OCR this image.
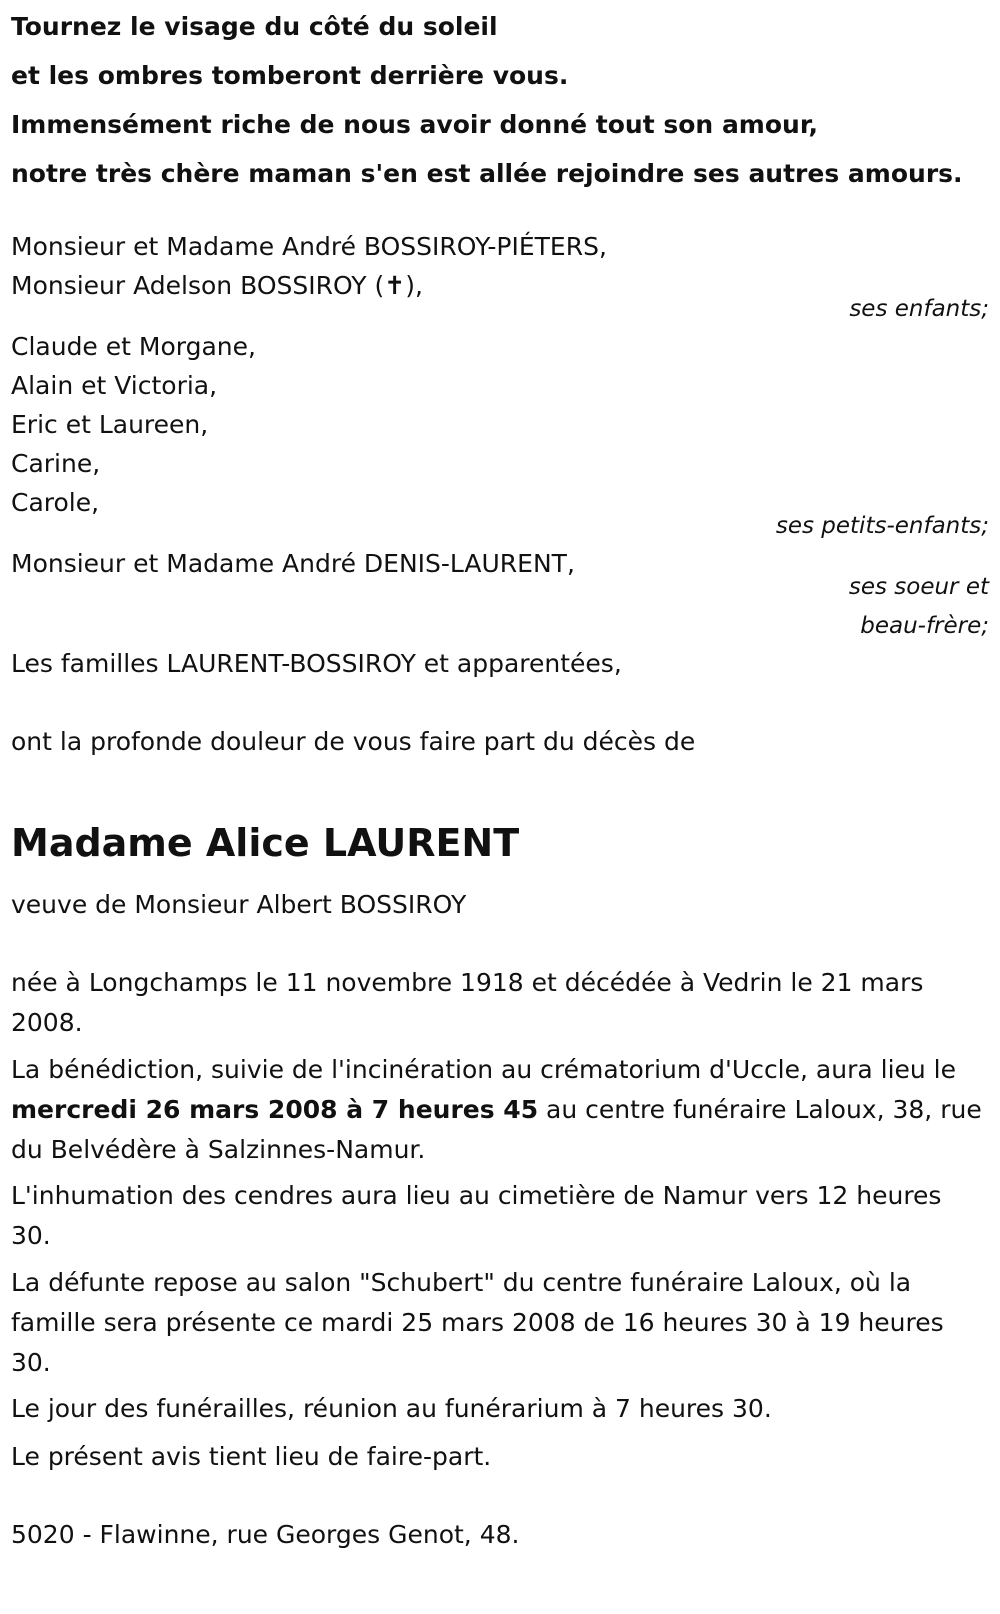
Tournez le visage du côté du soleil
et les ombres tomberont derrière vous.
Immensément riche de nous avoir donné tout son amour,
notre très chère maman s'en est allée rejoindre ses autres amours.
Monsieur et Madame André BOSSIROY-PIÉTERS,
Monsieur Adelson BOSSIROY (✝),
ses enfants;
Claude et Morgane,
Alain et Victoria,
Eric et Laureen,
Carine,
Carole,
ses petits-enfants;
Monsieur et Madame André DENIS-LAURENT,
ses soeur et
beau-frère;
Les familles LAURENT-BOSSIROY et apparentées,
ont la profonde douleur de vous faire part du décès de
Madame Alice LAURENT
veuve de Monsieur Albert BOSSIROY
née à Longchamps le 11 novembre 1918 et décédée à Vedrin le 21 mars 2008.
La bénédiction, suivie de l'incinération au crématorium d'Uccle, aura lieu le mercredi 26 mars 2008 à 7 heures 45 au centre funéraire Laloux, 38, rue du Belvédère à Salzinnes-Namur.
L'inhumation des cendres aura lieu au cimetière de Namur vers 12 heures 30.
La défunte repose au salon "Schubert" du centre funéraire Laloux, où la famille sera présente ce mardi 25 mars 2008 de 16 heures 30 à 19 heures 30.
Le jour des funérailles, réunion au funérarium à 7 heures 30.
Le présent avis tient lieu de faire-part.
5020 - Flawinne, rue Georges Genot, 48.
